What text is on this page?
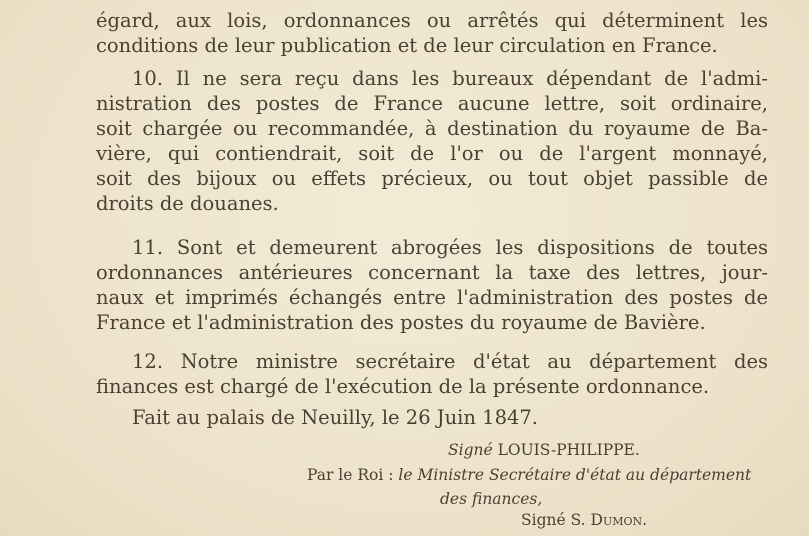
égard, aux lois, ordonnances ou arrêtés qui déterminent les
conditions de leur publication et de leur circulation en France.
10. Il ne sera reçu dans les bureaux dépendant de l'admi-
nistration des postes de France aucune lettre, soit ordinaire,
soit chargée ou recommandée, à destination du royaume de Ba-
vière, qui contiendrait, soit de l'or ou de l'argent monnayé,
soit des bijoux ou effets précieux, ou tout objet passible de
droits de douanes.
11. Sont et demeurent abrogées les dispositions de toutes
ordonnances antérieures concernant la taxe des lettres, jour-
naux et imprimés échangés entre l'administration des postes de
France et l'administration des postes du royaume de Bavière.
12. Notre ministre secrétaire d'état au département des
finances est chargé de l'exécution de la présente ordonnance.
Fait au palais de Neuilly, le 26 Juin 1847.
Signé LOUIS-PHILIPPE.
Par le Roi : le Ministre Secrétaire d'état au département
des finances,
Signé S. Dumon.
